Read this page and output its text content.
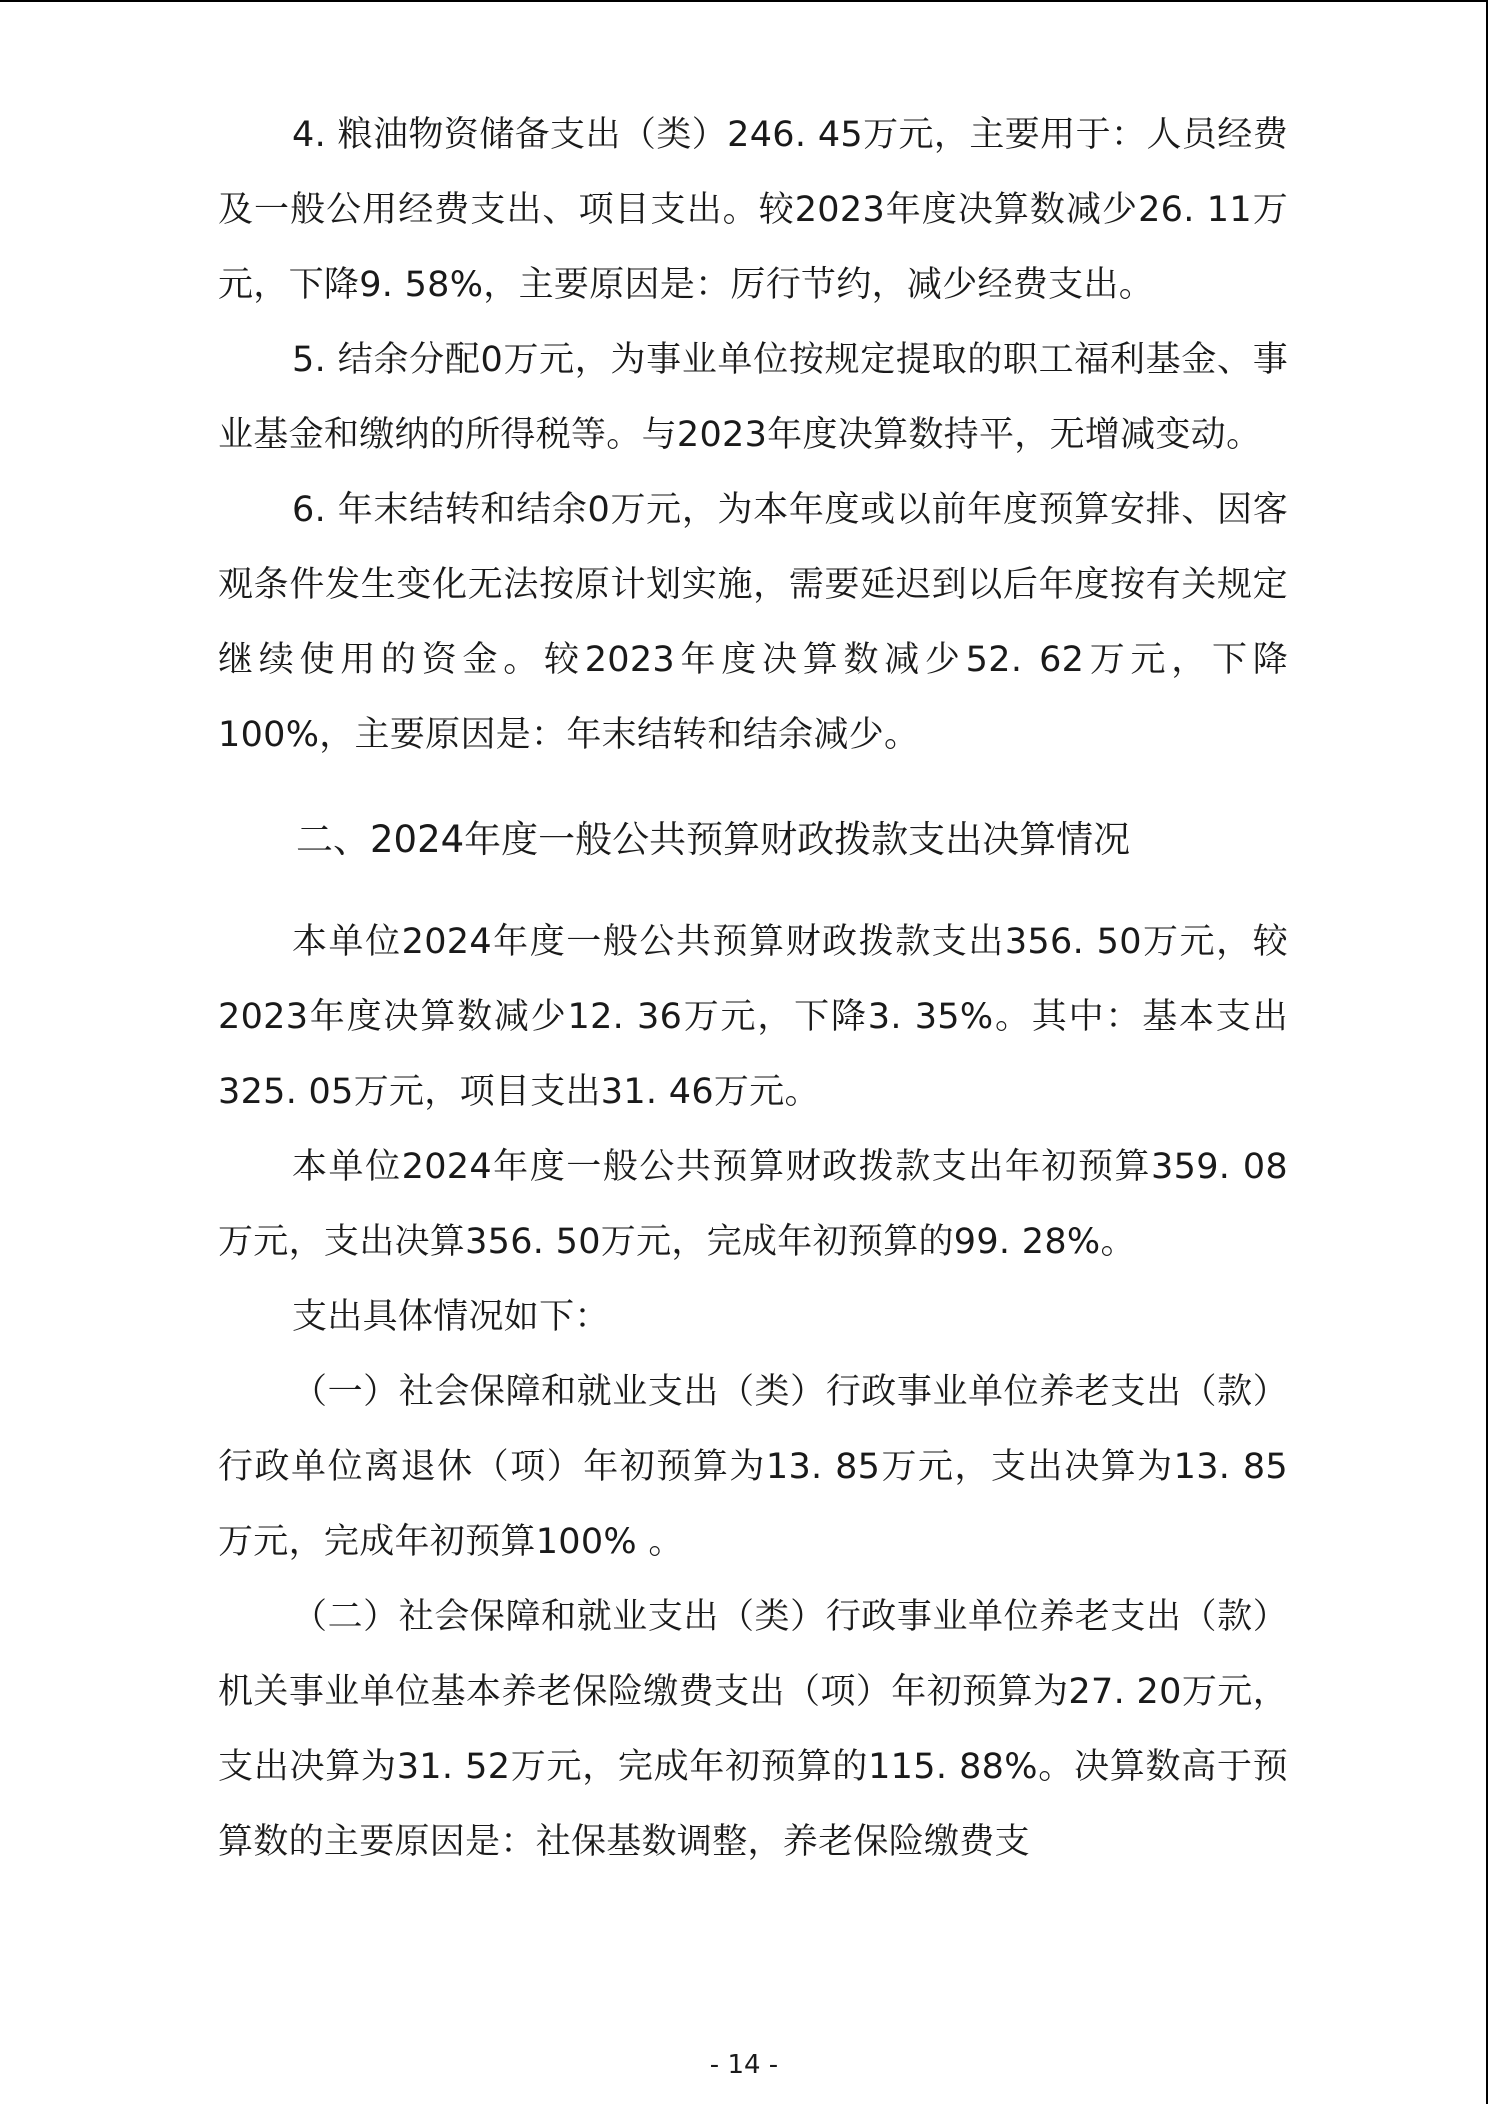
4. 粮油物资储备支出（类）246. 45万元，主要用于：人员经费及一般公用经费支出、项目支出。较2023年度决算数减少26. 11万元，下降9. 58%，主要原因是：厉行节约，减少经费支出。

5. 结余分配0万元，为事业单位按规定提取的职工福利基金、事业基金和缴纳的所得税等。与2023年度决算数持平，无增减变动。

6. 年末结转和结余0万元，为本年度或以前年度预算安排、因客观条件发生变化无法按原计划实施，需要延迟到以后年度按有关规定继续使用的资金。较2023年度决算数减少52. 62万元，下降100%，主要原因是：年末结转和结余减少。

二、2024年度一般公共预算财政拨款支出决算情况

本单位2024年度一般公共预算财政拨款支出356. 50万元，较2023年度决算数减少12. 36万元，下降3. 35%。其中：基本支出325. 05万元，项目支出31. 46万元。

本单位2024年度一般公共预算财政拨款支出年初预算359. 08万元，支出决算356. 50万元，完成年初预算的99. 28%。

支出具体情况如下：

（一）社会保障和就业支出（类）行政事业单位养老支出（款）行政单位离退休（项）年初预算为13. 85万元，支出决算为13. 85万元，完成年初预算100% 。

（二）社会保障和就业支出（类）行政事业单位养老支出（款）机关事业单位基本养老保险缴费支出（项）年初预算为27. 20万元，支出决算为31. 52万元，完成年初预算的115. 88%。决算数高于预算数的主要原因是：社保基数调整，养老保险缴费支

- 14 -
